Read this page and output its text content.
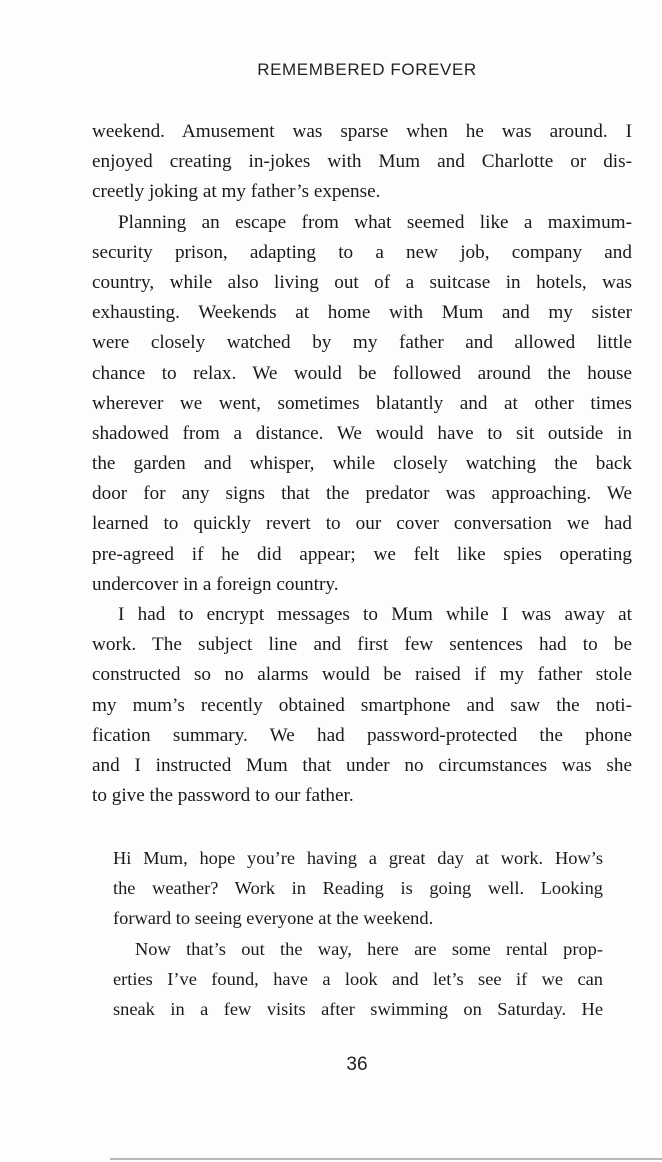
REMEMBERED FOREVER
weekend. Amusement was sparse when he was around. I
enjoyed creating in-jokes with Mum and Charlotte or dis-
creetly joking at my father’s expense.
Planning an escape from what seemed like a maximum-
security prison, adapting to a new job, company and
country, while also living out of a suitcase in hotels, was
exhausting. Weekends at home with Mum and my sister
were closely watched by my father and allowed little
chance to relax. We would be followed around the house
wherever we went, sometimes blatantly and at other times
shadowed from a distance. We would have to sit outside in
the garden and whisper, while closely watching the back
door for any signs that the predator was approaching. We
learned to quickly revert to our cover conversation we had
pre-agreed if he did appear; we felt like spies operating
undercover in a foreign country.
I had to encrypt messages to Mum while I was away at
work. The subject line and first few sentences had to be
constructed so no alarms would be raised if my father stole
my mum’s recently obtained smartphone and saw the noti-
fication summary. We had password-protected the phone
and I instructed Mum that under no circumstances was she
to give the password to our father.
Hi Mum, hope you’re having a great day at work. How’s
the weather? Work in Reading is going well. Looking
forward to seeing everyone at the weekend.
Now that’s out the way, here are some rental prop-
erties I’ve found, have a look and let’s see if we can
sneak in a few visits after swimming on Saturday. He
36
